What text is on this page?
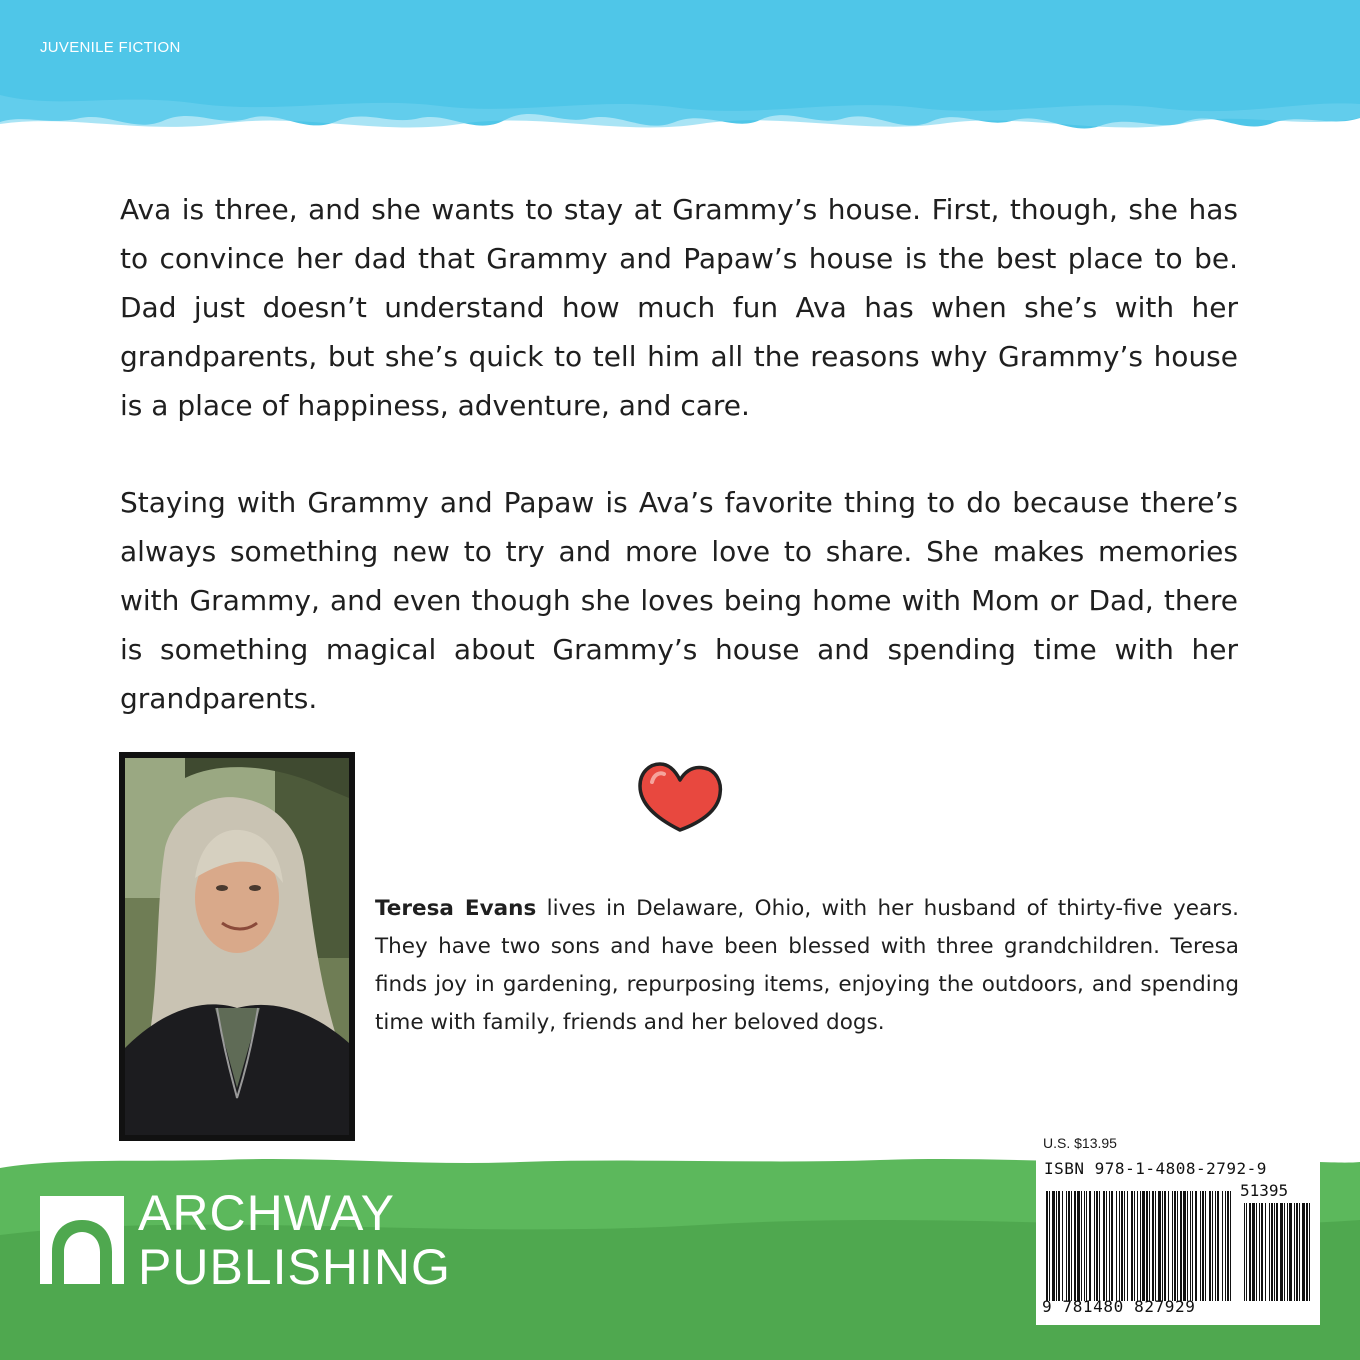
JUVENILE FICTION

Ava is three, and she wants to stay at Grammy’s house. First, though, she has to convince her dad that Grammy and Papaw’s house is the best place to be. Dad just doesn’t understand how much fun Ava has when she’s with her grandparents, but she’s quick to tell him all the reasons why Grammy’s house is a place of happiness, adventure, and care.

Staying with Grammy and Papaw is Ava’s favorite thing to do because there’s always something new to try and more love to share. She makes memories with Grammy, and even though she loves being home with Mom or Dad, there is something magical about Grammy’s house and spending time with her grandparents.

Teresa Evans lives in Delaware, Ohio, with her husband of thirty-five years. They have two sons and have been blessed with three grandchildren. Teresa finds joy in gardening, repurposing items, enjoying the outdoors, and spending time with family, friends and her beloved dogs.

ARCHWAY
PUBLISHING
U.S. $13.95
ISBN 978-1-4808-2792-9
51395
9 781480 827929
